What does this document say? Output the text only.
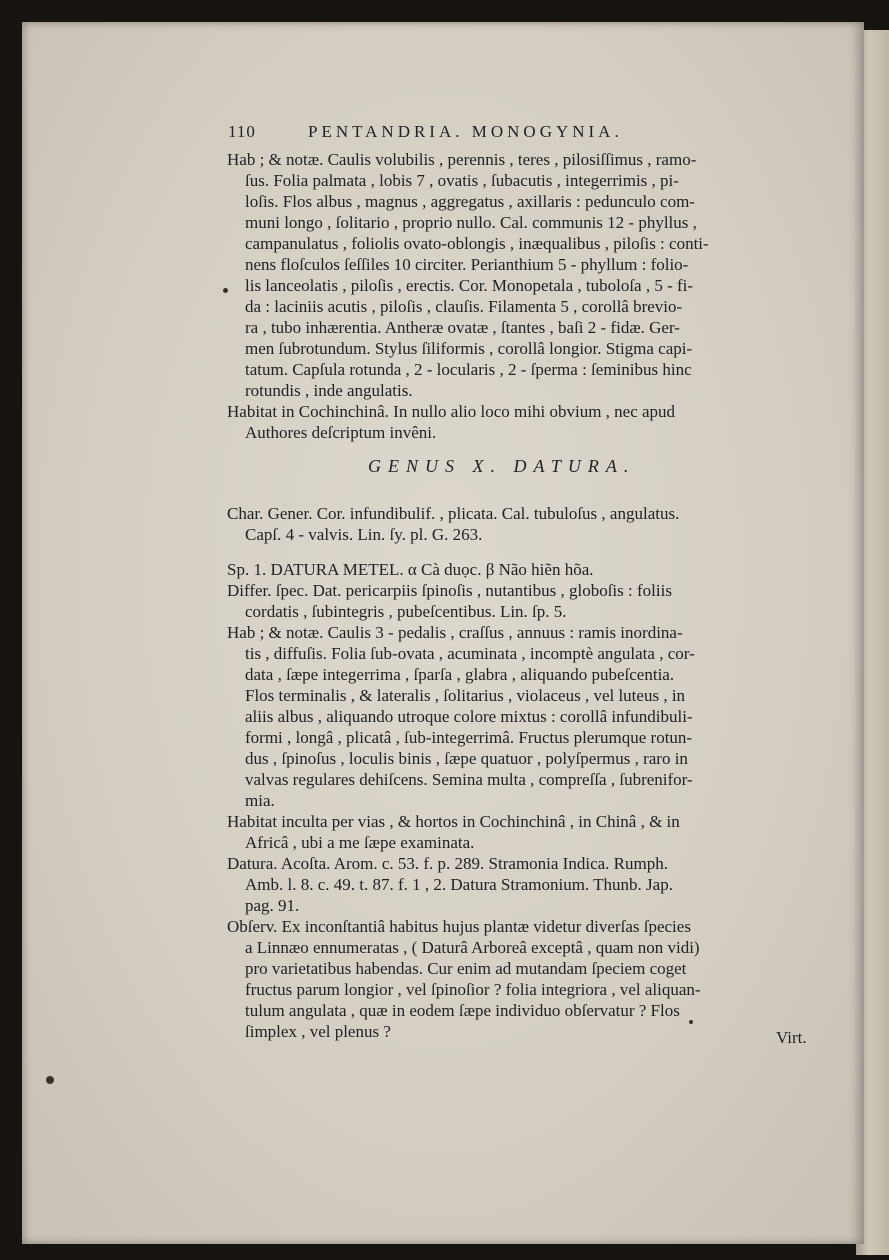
110	PENTANDRIA. MONOGYNIA.
Hab ; & notæ. Caulis volubilis , perennis , teres , pilosiſſimus , ramo-
ſus. Folia palmata , lobis 7 , ovatis , ſubacutis , integerrimis , pi-
loſis. Flos albus , magnus , aggregatus , axillaris : pedunculo com-
muni longo , ſolitario , proprio nullo. Cal. communis 12 - phyllus ,
campanulatus , foliolis ovato-oblongis , inæqualibus , piloſis : conti-
nens floſculos ſeſſiles 10 circiter. Perianthium 5 - phyllum : folio-
lis lanceolatis , piloſis , erectis. Cor. Monopetala , tuboloſa , 5 - fi-
da : laciniis acutis , piloſis , clauſis. Filamenta 5 , corollâ brevio-
ra , tubo inhærentia. Antheræ ovatæ , ſtantes , baſi 2 - fidæ. Ger-
men ſubrotundum. Stylus ſiliformis , corollâ longior. Stigma capi-
tatum. Capſula rotunda , 2 - locularis , 2 - ſperma : ſeminibus hinc
rotundis , inde angulatis.
Habitat in Cochinchinâ. In nullo alio loco mihi obvium , nec apud
Authores deſcriptum invêni.
GENUS X. DATURA.
Char. Gener. Cor. infundibulif. , plicata. Cal. tubuloſus , angulatus.
Capſ. 4 - valvis. Lin. ſy. pl. G. 263.
Sp. 1. DATURA METEL. α Cà duọc. β Não hiẽn hõa.
Differ. ſpec. Dat. pericarpiis ſpinoſis , nutantibus , globoſis : foliis
cordatis , ſubintegris , pubeſcentibus. Lin. ſp. 5.
Hab ; & notæ. Caulis 3 - pedalis , craſſus , annuus : ramis inordina-
tis , diffuſis. Folia ſub-ovata , acuminata , incomptè angulata , cor-
data , ſæpe integerrima , ſparſa , glabra , aliquando pubeſcentia.
Flos terminalis , & lateralis , ſolitarius , violaceus , vel luteus , in
aliis albus , aliquando utroque colore mixtus : corollâ infundibuli-
formi , longâ , plicatâ , ſub-integerrimâ. Fructus plerumque rotun-
dus , ſpinoſus , loculis binis , ſæpe quatuor , polyſpermus , raro in
valvas regulares dehiſcens. Semina multa , compreſſa , ſubrenifor-
mia.
Habitat inculta per vias , & hortos in Cochinchinâ , in Chinâ , & in
Africâ , ubi a me ſæpe examinata.
Datura. Acoſta. Arom. c. 53. f. p. 289. Stramonia Indica. Rumph.
Amb. l. 8. c. 49. t. 87. f. 1 , 2. Datura Stramonium. Thunb. Jap.
pag. 91.
Obſerv. Ex inconſtantiâ habitus hujus plantæ videtur diverſas ſpecies
a Linnæo ennumeratas , ( Daturâ Arboreâ exceptâ , quam non vidi)
pro varietatibus habendas. Cur enim ad mutandam ſpeciem coget
fructus parum longior , vel ſpinoſior ? folia integriora , vel aliquan-
tulum angulata , quæ in eodem ſæpe individuo obſervatur ? Flos
ſimplex , vel plenus ?	Virt.
